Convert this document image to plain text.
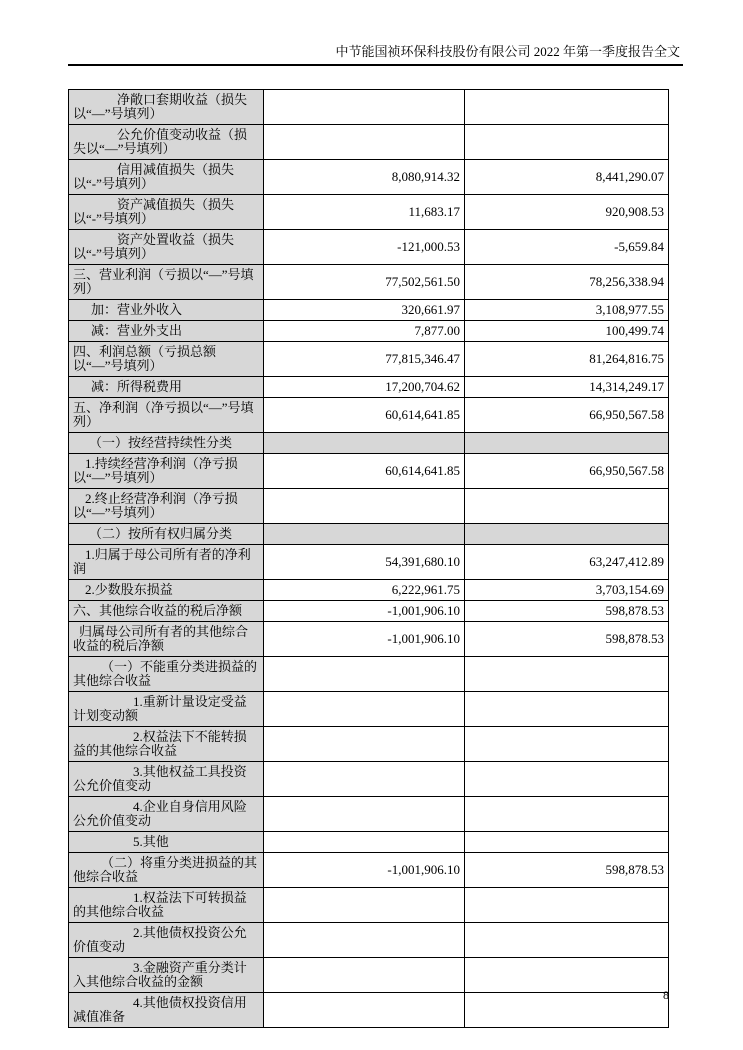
中节能国祯环保科技股份有限公司 2022 年第一季度报告全文
净敞口套期收益（损失以“—”号填列）		
公允价值变动收益（损失以“—”号填列）		
信用减值损失（损失以“-”号填列）	8,080,914.32	8,441,290.07
资产减值损失（损失以“-”号填列）	11,683.17	920,908.53
资产处置收益（损失以“-”号填列）	-121,000.53	-5,659.84
三、营业利润（亏损以“—”号填列）	77,502,561.50	78,256,338.94
加：营业外收入	320,661.97	3,108,977.55
减：营业外支出	7,877.00	100,499.74
四、利润总额（亏损总额以“—”号填列）	77,815,346.47	81,264,816.75
减：所得税费用	17,200,704.62	14,314,249.17
五、净利润（净亏损以“—”号填列）	60,614,641.85	66,950,567.58
（一）按经营持续性分类		
1.持续经营净利润（净亏损以“—”号填列）	60,614,641.85	66,950,567.58
2.终止经营净利润（净亏损以“—”号填列）		
（二）按所有权归属分类		
1.归属于母公司所有者的净利润	54,391,680.10	63,247,412.89
2.少数股东损益	6,222,961.75	3,703,154.69
六、其他综合收益的税后净额	-1,001,906.10	598,878.53
归属母公司所有者的其他综合收益的税后净额	-1,001,906.10	598,878.53
（一）不能重分类进损益的其他综合收益		
1.重新计量设定受益计划变动额		
2.权益法下不能转损益的其他综合收益		
3.其他权益工具投资公允价值变动		
4.企业自身信用风险公允价值变动		
5.其他		
（二）将重分类进损益的其他综合收益	-1,001,906.10	598,878.53
1.权益法下可转损益的其他综合收益		
2.其他债权投资公允价值变动		
3.金融资产重分类计入其他综合收益的金额		
4.其他债权投资信用减值准备		
8
